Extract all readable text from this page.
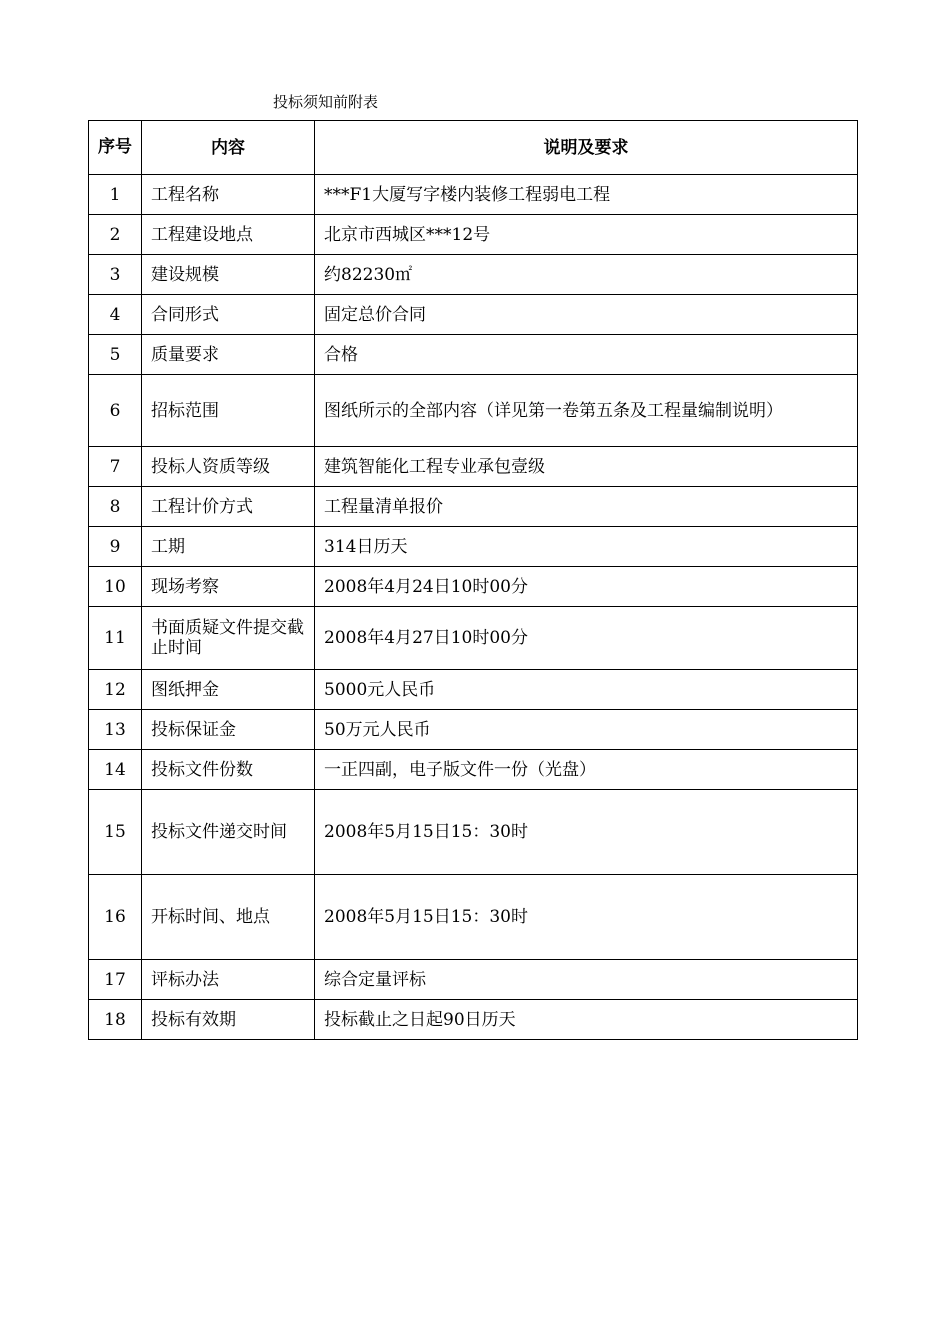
投标须知前附表
序号	内容	说明及要求
1	工程名称	***F1大厦写字楼内装修工程弱电工程
2	工程建设地点	北京市西城区***12号
3	建设规模	约82230㎡
4	合同形式	固定总价合同
5	质量要求	合格
6	招标范围	图纸所示的全部内容（详见第一卷第五条及工程量编制说明）
7	投标人资质等级	建筑智能化工程专业承包壹级
8	工程计价方式	工程量清单报价
9	工期	314日历天
10	现场考察	2008年4月24日10时00分
11	书面质疑文件提交截止时间	2008年4月27日10时00分
12	图纸押金	5000元人民币
13	投标保证金	50万元人民币
14	投标文件份数	一正四副，电子版文件一份（光盘）
15	投标文件递交时间	2008年5月15日15：30时
16	开标时间、地点	2008年5月15日15：30时
17	评标办法	综合定量评标
18	投标有效期	投标截止之日起90日历天
